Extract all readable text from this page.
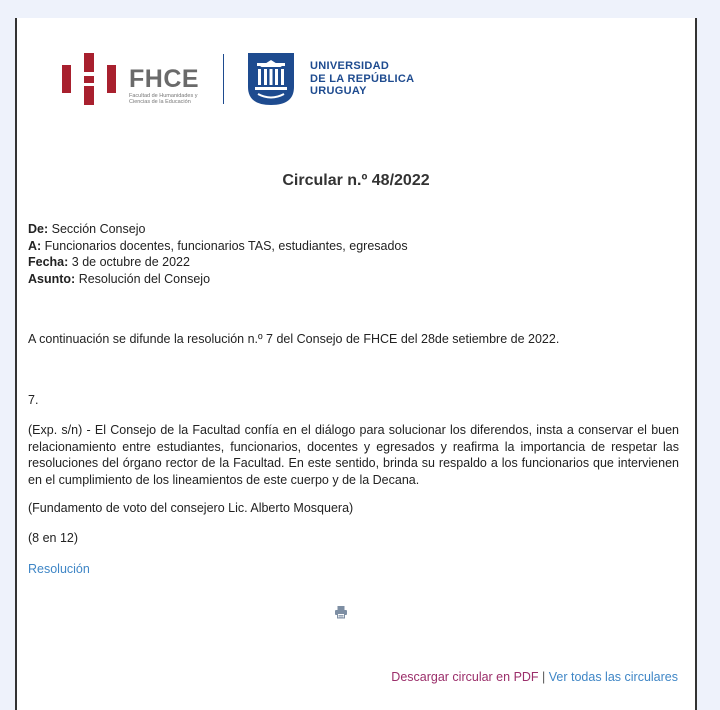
FHCE
Facultad de Humanidades y Ciencias de la Educación
UNIVERSIDAD
DE LA REPÚBLICA
URUGUAY
Circular n.º 48/2022
De: Sección Consejo
A: Funcionarios docentes, funcionarios TAS, estudiantes, egresados
Fecha: 3 de octubre de 2022
Asunto: Resolución del Consejo
A continuación se difunde la resolución n.º 7 del Consejo de FHCE del 28de setiembre de 2022.
7.
(Exp. s/n) - El Consejo de la Facultad confía en el diálogo para solucionar los diferendos, insta a conservar el buen relacionamiento entre estudiantes, funcionarios, docentes y egresados y reafirma la importancia de respetar las resoluciones del órgano rector de la Facultad. En este sentido, brinda su respaldo a los funcionarios que intervienen en el cumplimiento de los lineamientos de este cuerpo y de la Decana.
(Fundamento de voto del consejero Lic. Alberto Mosquera)
(8 en 12)
Resolución
Descargar circular en PDF | Ver todas las circulares
